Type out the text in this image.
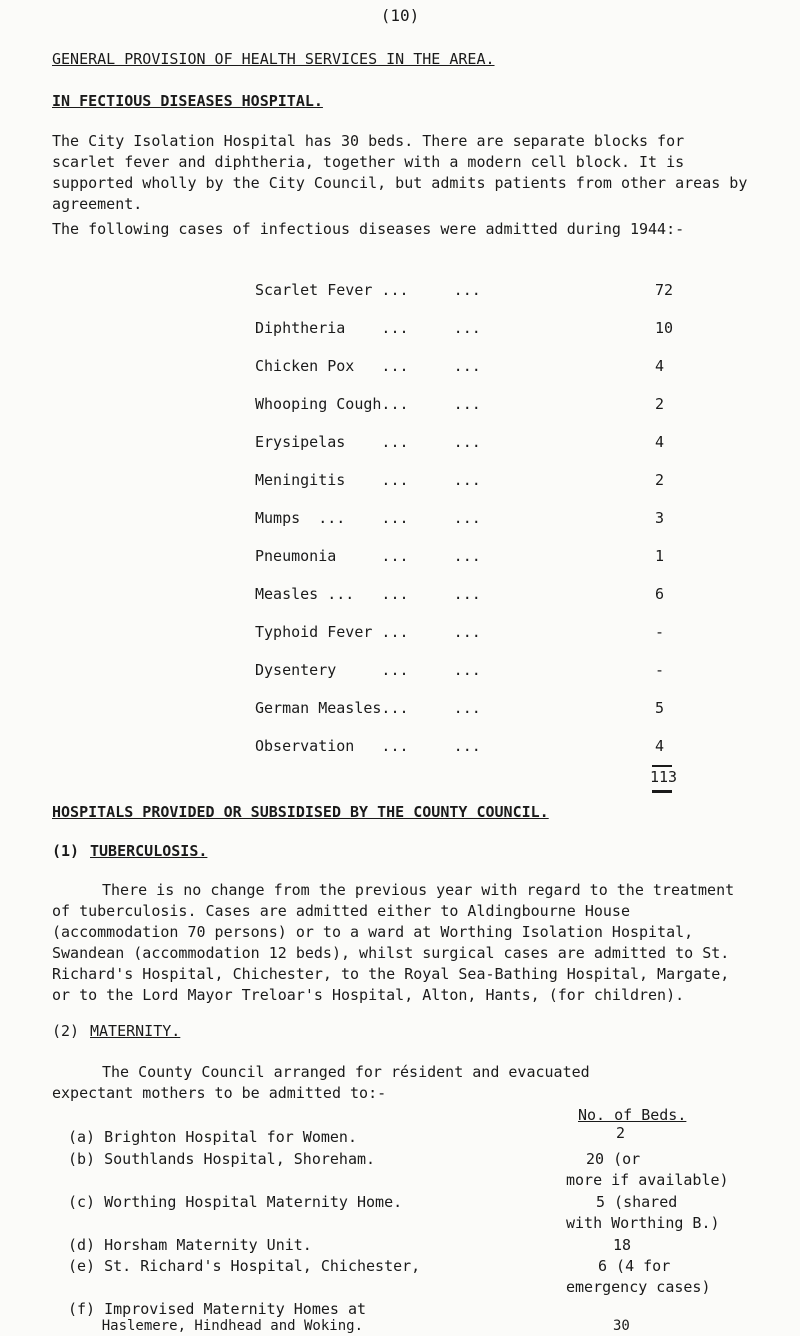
(10)
GENERAL PROVISION OF HEALTH SERVICES IN THE AREA.
IN FECTIOUS DISEASES HOSPITAL.
The City Isolation Hospital has 30 beds. There are separate blocks for scarlet fever and diphtheria, together with a modern cell block. It is supported wholly by the City Council, but admits patients from other areas by agreement.
The following cases of infectious diseases were admitted during 1944:-
Scarlet Fever ...     ...	72
Diphtheria    ...     ...	10
Chicken Pox   ...     ...	4
Whooping Cough...     ...	2
Erysipelas    ...     ...	4
Meningitis    ...     ...	2
Mumps  ...    ...     ...	3
Pneumonia     ...     ...	1
Measles ...   ...     ...	6
Typhoid Fever ...     ...	-
Dysentery     ...     ...	-
German Measles...     ...	5
Observation   ...     ...	4
113
HOSPITALS PROVIDED OR SUBSIDISED BY THE COUNTY COUNCIL.
(1) TUBERCULOSIS.
There is no change from the previous year with regard to the treatment of tuberculosis. Cases are admitted either to Aldingbourne House (accommodation 70 persons) or to a ward at Worthing Isolation Hospital, Swandean (accommodation 12 beds), whilst surgical cases are admitted to St. Richard's Hospital, Chichester, to the Royal Sea-Bathing Hospital, Margate, or to the Lord Mayor Treloar's Hospital, Alton, Hants, (for children).
(2) MATERNITY.
The County Council arranged for résident and evacuated
expectant mothers to be admitted to:-
No. of Beds.
(a) Brighton Hospital for Women.	2
(b) Southlands Hospital, Shoreham.	20 (or
more if available)
(c) Worthing Hospital Maternity Home.	5 (shared
with Worthing B.)
(d) Horsham Maternity Unit.	18
(e) St. Richard's Hospital, Chichester,	6 (4 for
emergency cases)
(f) Improvised Maternity Homes at
Haslemere, Hindhead and Woking.	30
